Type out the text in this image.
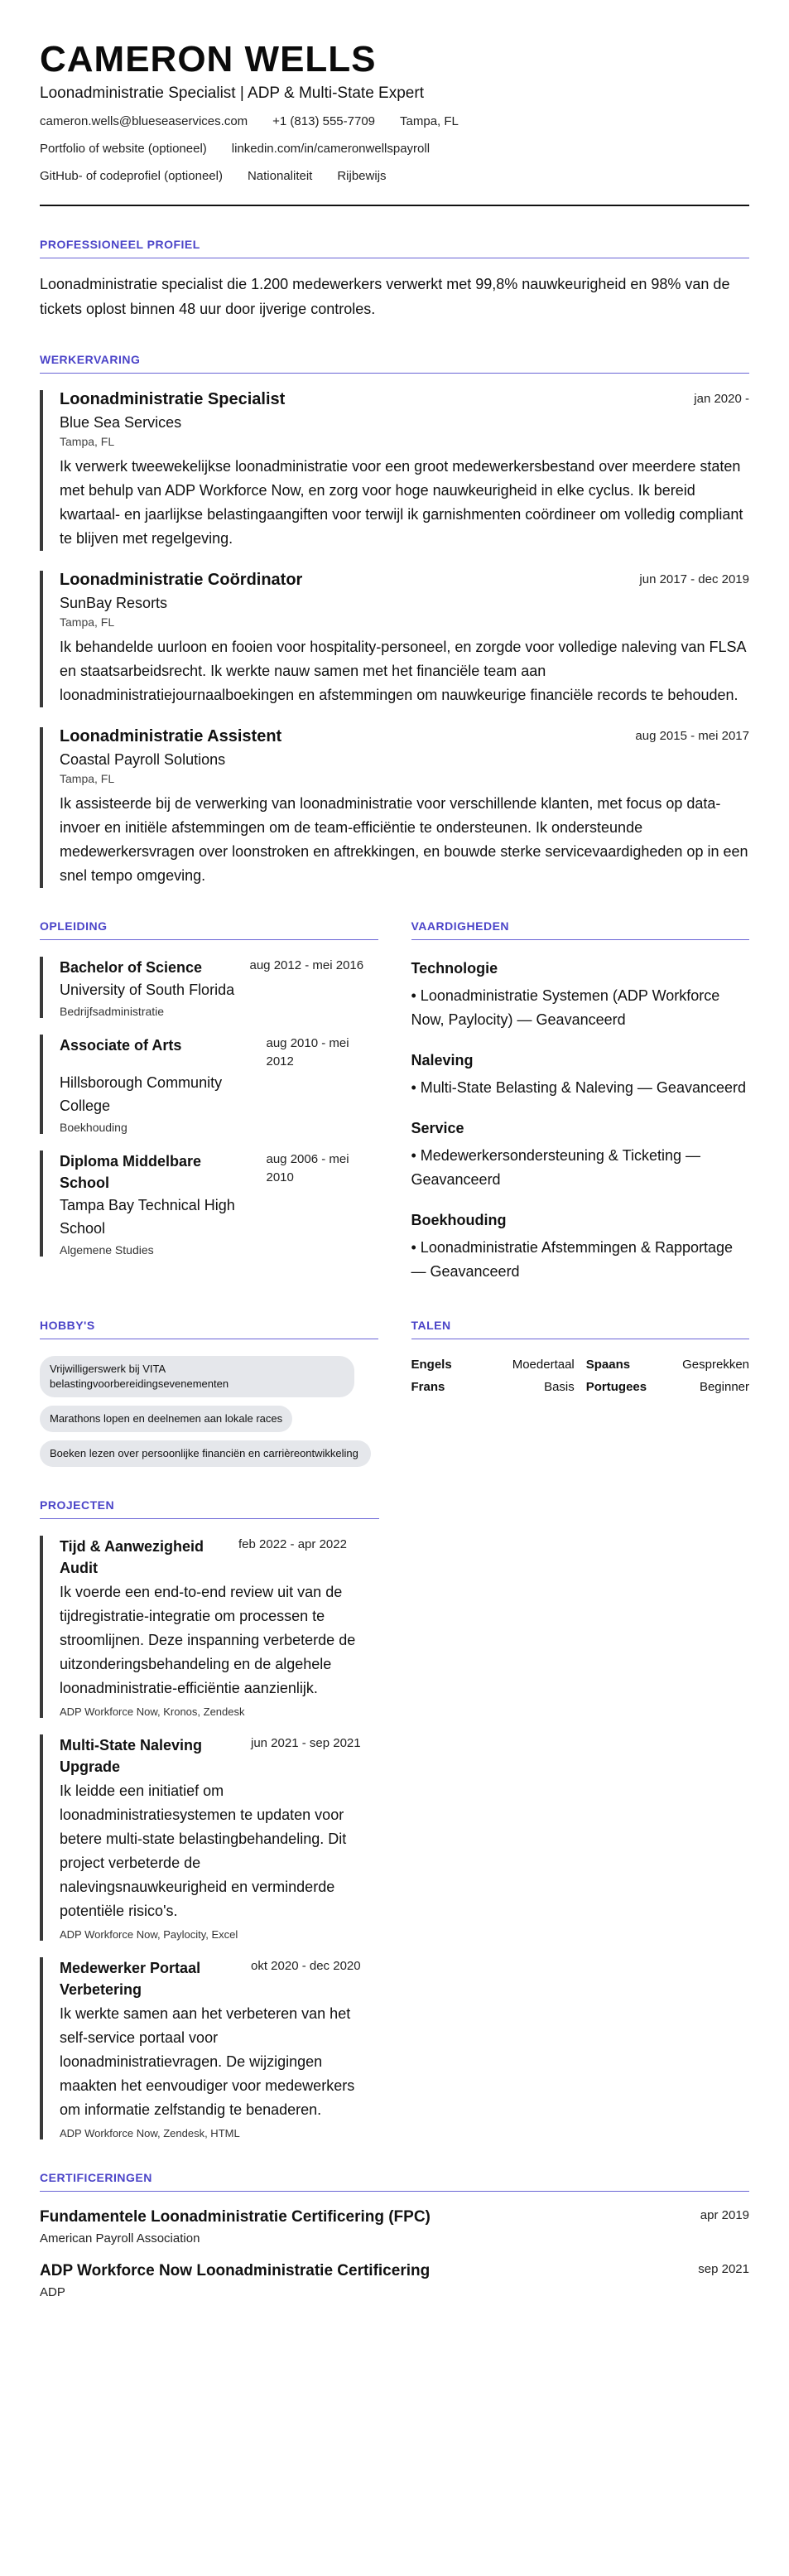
CAMERON WELLS
Loonadministratie Specialist | ADP & Multi-State Expert
cameron.wells@blueseaservices.com +1 (813) 555-7709 Tampa, FL
Portfolio of website (optioneel) linkedin.com/in/cameronwellspayroll
GitHub- of codeprofiel (optioneel) Nationaliteit Rijbewijs
PROFESSIONEEL PROFIEL
Loonadministratie specialist die 1.200 medewerkers verwerkt met 99,8% nauwkeurigheid en 98% van de tickets oplost binnen 48 uur door ijverige controles.
WERKERVARING
Loonadministratie Specialist	jan 2020 -
Blue Sea Services
Tampa, FL
Ik verwerk tweewekelijkse loonadministratie voor een groot medewerkersbestand over meerdere staten met behulp van ADP Workforce Now, en zorg voor hoge nauwkeurigheid in elke cyclus. Ik bereid kwartaal- en jaarlijkse belastingaangiften voor terwijl ik garnishmenten coördineer om volledig compliant te blijven met regelgeving.
Loonadministratie Coördinator	jun 2017 - dec 2019
SunBay Resorts
Tampa, FL
Ik behandelde uurloon en fooien voor hospitality-personeel, en zorgde voor volledige naleving van FLSA en staatsarbeidsrecht. Ik werkte nauw samen met het financiële team aan loonadministratiejournaalboekingen en afstemmingen om nauwkeurige financiële records te behouden.
Loonadministratie Assistent	aug 2015 - mei 2017
Coastal Payroll Solutions
Tampa, FL
Ik assisteerde bij de verwerking van loonadministratie voor verschillende klanten, met focus op data-invoer en initiële afstemmingen om de team-efficiëntie te ondersteunen. Ik ondersteunde medewerkersvragen over loonstroken en aftrekkingen, en bouwde sterke servicevaardigheden op in een snel tempo omgeving.
OPLEIDING
Bachelor of Science	aug 2012 - mei 2016
University of South Florida
Bedrijfsadministratie
Associate of Arts	aug 2010 - mei 2012
Hillsborough Community College
Boekhouding
Diploma Middelbare School
aug 2006 - mei 2010
Tampa Bay Technical High School
Algemene Studies
VAARDIGHEDEN
Technologie
• Loonadministratie Systemen (ADP Workforce Now, Paylocity) — Geavanceerd
Naleving
• Multi-State Belasting & Naleving — Geavanceerd
Service
• Medewerkersondersteuning & Ticketing — Geavanceerd
Boekhouding
• Loonadministratie Afstemmingen & Rapportage — Geavanceerd
HOBBY'S
Vrijwilligerswerk bij VITA belastingvoorbereidingsevenementen
Marathons lopen en deelnemen aan lokale races
Boeken lezen over persoonlijke financiën en carrièreontwikkeling
TALEN
Engels	Moedertaal Spaans	Gesprekken
Frans	Basis Portugees	Beginner
PROJECTEN
Tijd & Aanwezigheid Audit
feb 2022 - apr 2022
Ik voerde een end-to-end review uit van de tijdregistratie-integratie om processen te stroomlijnen. Deze inspanning verbeterde de uitzonderingsbehandeling en de algehele loonadministratie-efficiëntie aanzienlijk.
ADP Workforce Now, Kronos, Zendesk
Multi-State Naleving Upgrade
jun 2021 - sep 2021
Ik leidde een initiatief om loonadministratiesystemen te updaten voor betere multi-state belastingbehandeling. Dit project verbeterde de nalevingsnauwkeurigheid en verminderde potentiële risico's.
ADP Workforce Now, Paylocity, Excel
Medewerker Portaal Verbetering
okt 2020 - dec 2020
Ik werkte samen aan het verbeteren van het self-service portaal voor loonadministratievragen. De wijzigingen maakten het eenvoudiger voor medewerkers om informatie zelfstandig te benaderen.
ADP Workforce Now, Zendesk, HTML
CERTIFICERINGEN
Fundamentele Loonadministratie Certificering (FPC)	apr 2019
American Payroll Association
ADP Workforce Now Loonadministratie Certificering	sep 2021
ADP
